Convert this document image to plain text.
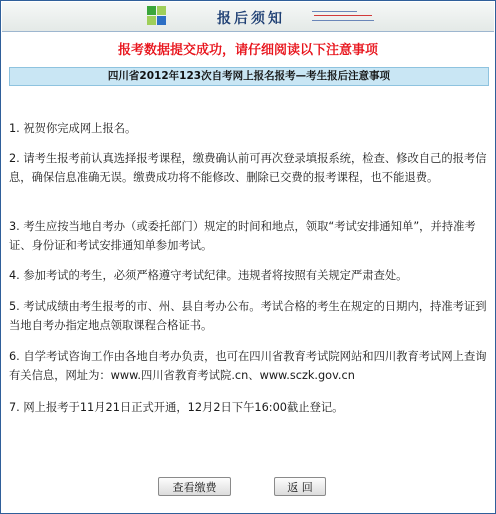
报后须知
报考数据提交成功，请仔细阅读以下注意事项
四川省2012年123次自考网上报名报考—考生报后注意事项
1. 祝贺你完成网上报名。
2. 请考生报考前认真选择报考课程，缴费确认前可再次登录填报系统，检查、修改自己的报考信息，确保信息准确无误。缴费成功将不能修改、删除已交费的报考课程，也不能退费。
3. 考生应按当地自考办（或委托部门）规定的时间和地点，领取“考试安排通知单”，并持准考证、身份证和考试安排通知单参加考试。
4. 参加考试的考生，必须严格遵守考试纪律。违规者将按照有关规定严肃查处。
5. 考试成绩由考生报考的市、州、县自考办公布。考试合格的考生在规定的日期内，持准考证到当地自考办指定地点领取课程合格证书。
6. 自学考试咨询工作由各地自考办负责，也可在四川省教育考试院网站和四川教育考试网上查询有关信息，网址为：www.四川省教育考试院.cn、www.sczk.gov.cn
7. 网上报考于11月21日正式开通，12月2日下午16:00截止登记。
查看缴费	返 回
